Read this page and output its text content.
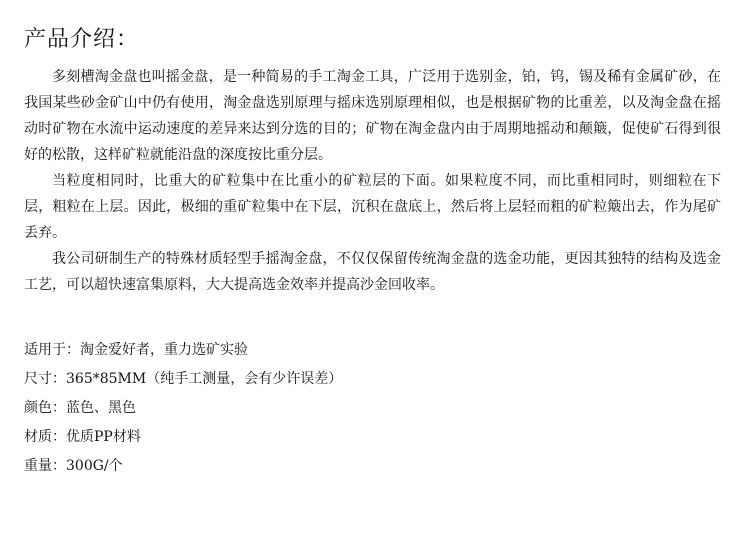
产品介绍：

多刻槽淘金盘也叫摇金盘，是一种简易的手工淘金工具，广泛用于选别金，铂，钨，锡及稀有金属矿砂，在我国某些砂金矿山中仍有使用，淘金盘选别原理与摇床选别原理相似，也是根据矿物的比重差，以及淘金盘在摇动时矿物在水流中运动速度的差异来达到分选的目的；矿物在淘金盘内由于周期地摇动和颠簸，促使矿石得到很好的松散，这样矿粒就能沿盘的深度按比重分层。

当粒度相同时，比重大的矿粒集中在比重小的矿粒层的下面。如果粒度不同，而比重相同时，则细粒在下层，粗粒在上层。因此，极细的重矿粒集中在下层，沉积在盘底上，然后将上层轻而粗的矿粒簸出去，作为尾矿丢弃。

我公司研制生产的特殊材质轻型手摇淘金盘，不仅仅保留传统淘金盘的选金功能，更因其独特的结构及选金工艺，可以超快速富集原料，大大提高选金效率并提高沙金回收率。

适用于：淘金爱好者，重力选矿实验
尺寸：365*85MM（纯手工测量，会有少许误差）
颜色：蓝色、黑色
材质：优质PP材料
重量：300G/个
